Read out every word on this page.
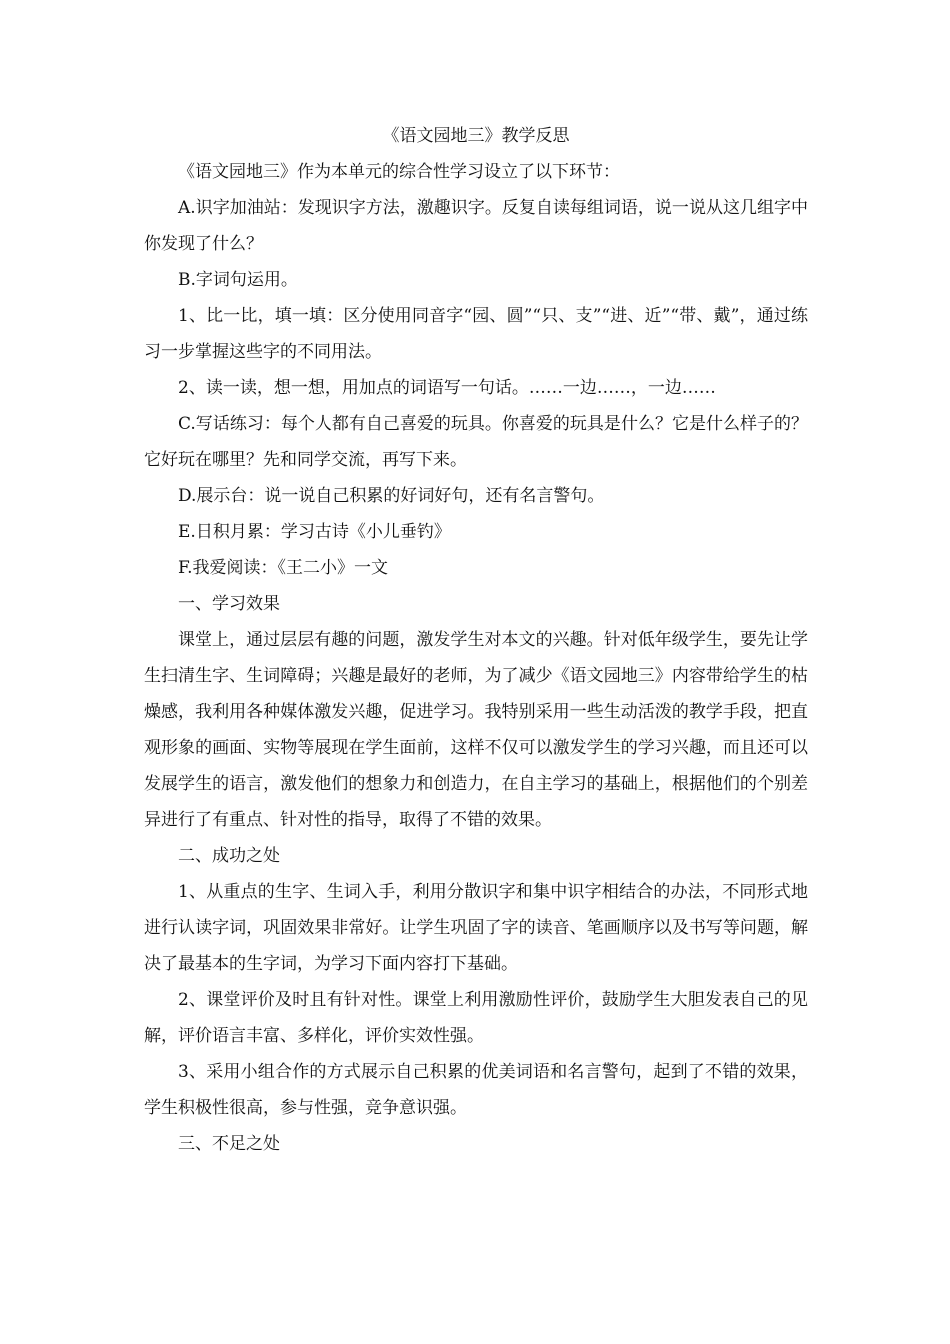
《语文园地三》教学反思

《语文园地三》作为本单元的综合性学习设立了以下环节：

A.识字加油站：发现识字方法，激趣识字。反复自读每组词语，说一说从这几组字中你发现了什么？

B.字词句运用。

1、比一比，填一填：区分使用同音字“园、圆”“只、支”“进、近”“带、戴”，通过练习一步掌握这些字的不同用法。

2、读一读，想一想，用加点的词语写一句话。……一边……，一边……

C.写话练习：每个人都有自己喜爱的玩具。你喜爱的玩具是什么？它是什么样子的？它好玩在哪里？先和同学交流，再写下来。

D.展示台：说一说自己积累的好词好句，还有名言警句。

E.日积月累：学习古诗《小儿垂钓》

F.我爱阅读：《王二小》一文

一、学习效果

课堂上，通过层层有趣的问题，激发学生对本文的兴趣。针对低年级学生，要先让学生扫清生字、生词障碍；兴趣是最好的老师，为了减少《语文园地三》内容带给学生的枯燥感，我利用各种媒体激发兴趣，促进学习。我特别采用一些生动活泼的教学手段，把直观形象的画面、实物等展现在学生面前，这样不仅可以激发学生的学习兴趣，而且还可以发展学生的语言，激发他们的想象力和创造力，在自主学习的基础上，根据他们的个别差异进行了有重点、针对性的指导，取得了不错的效果。

二、成功之处

1、从重点的生字、生词入手，利用分散识字和集中识字相结合的办法，不同形式地进行认读字词，巩固效果非常好。让学生巩固了字的读音、笔画顺序以及书写等问题，解决了最基本的生字词，为学习下面内容打下基础。

2、课堂评价及时且有针对性。课堂上利用激励性评价，鼓励学生大胆发表自己的见解，评价语言丰富、多样化，评价实效性强。

3、采用小组合作的方式展示自己积累的优美词语和名言警句，起到了不错的效果，学生积极性很高，参与性强，竞争意识强。

三、不足之处
